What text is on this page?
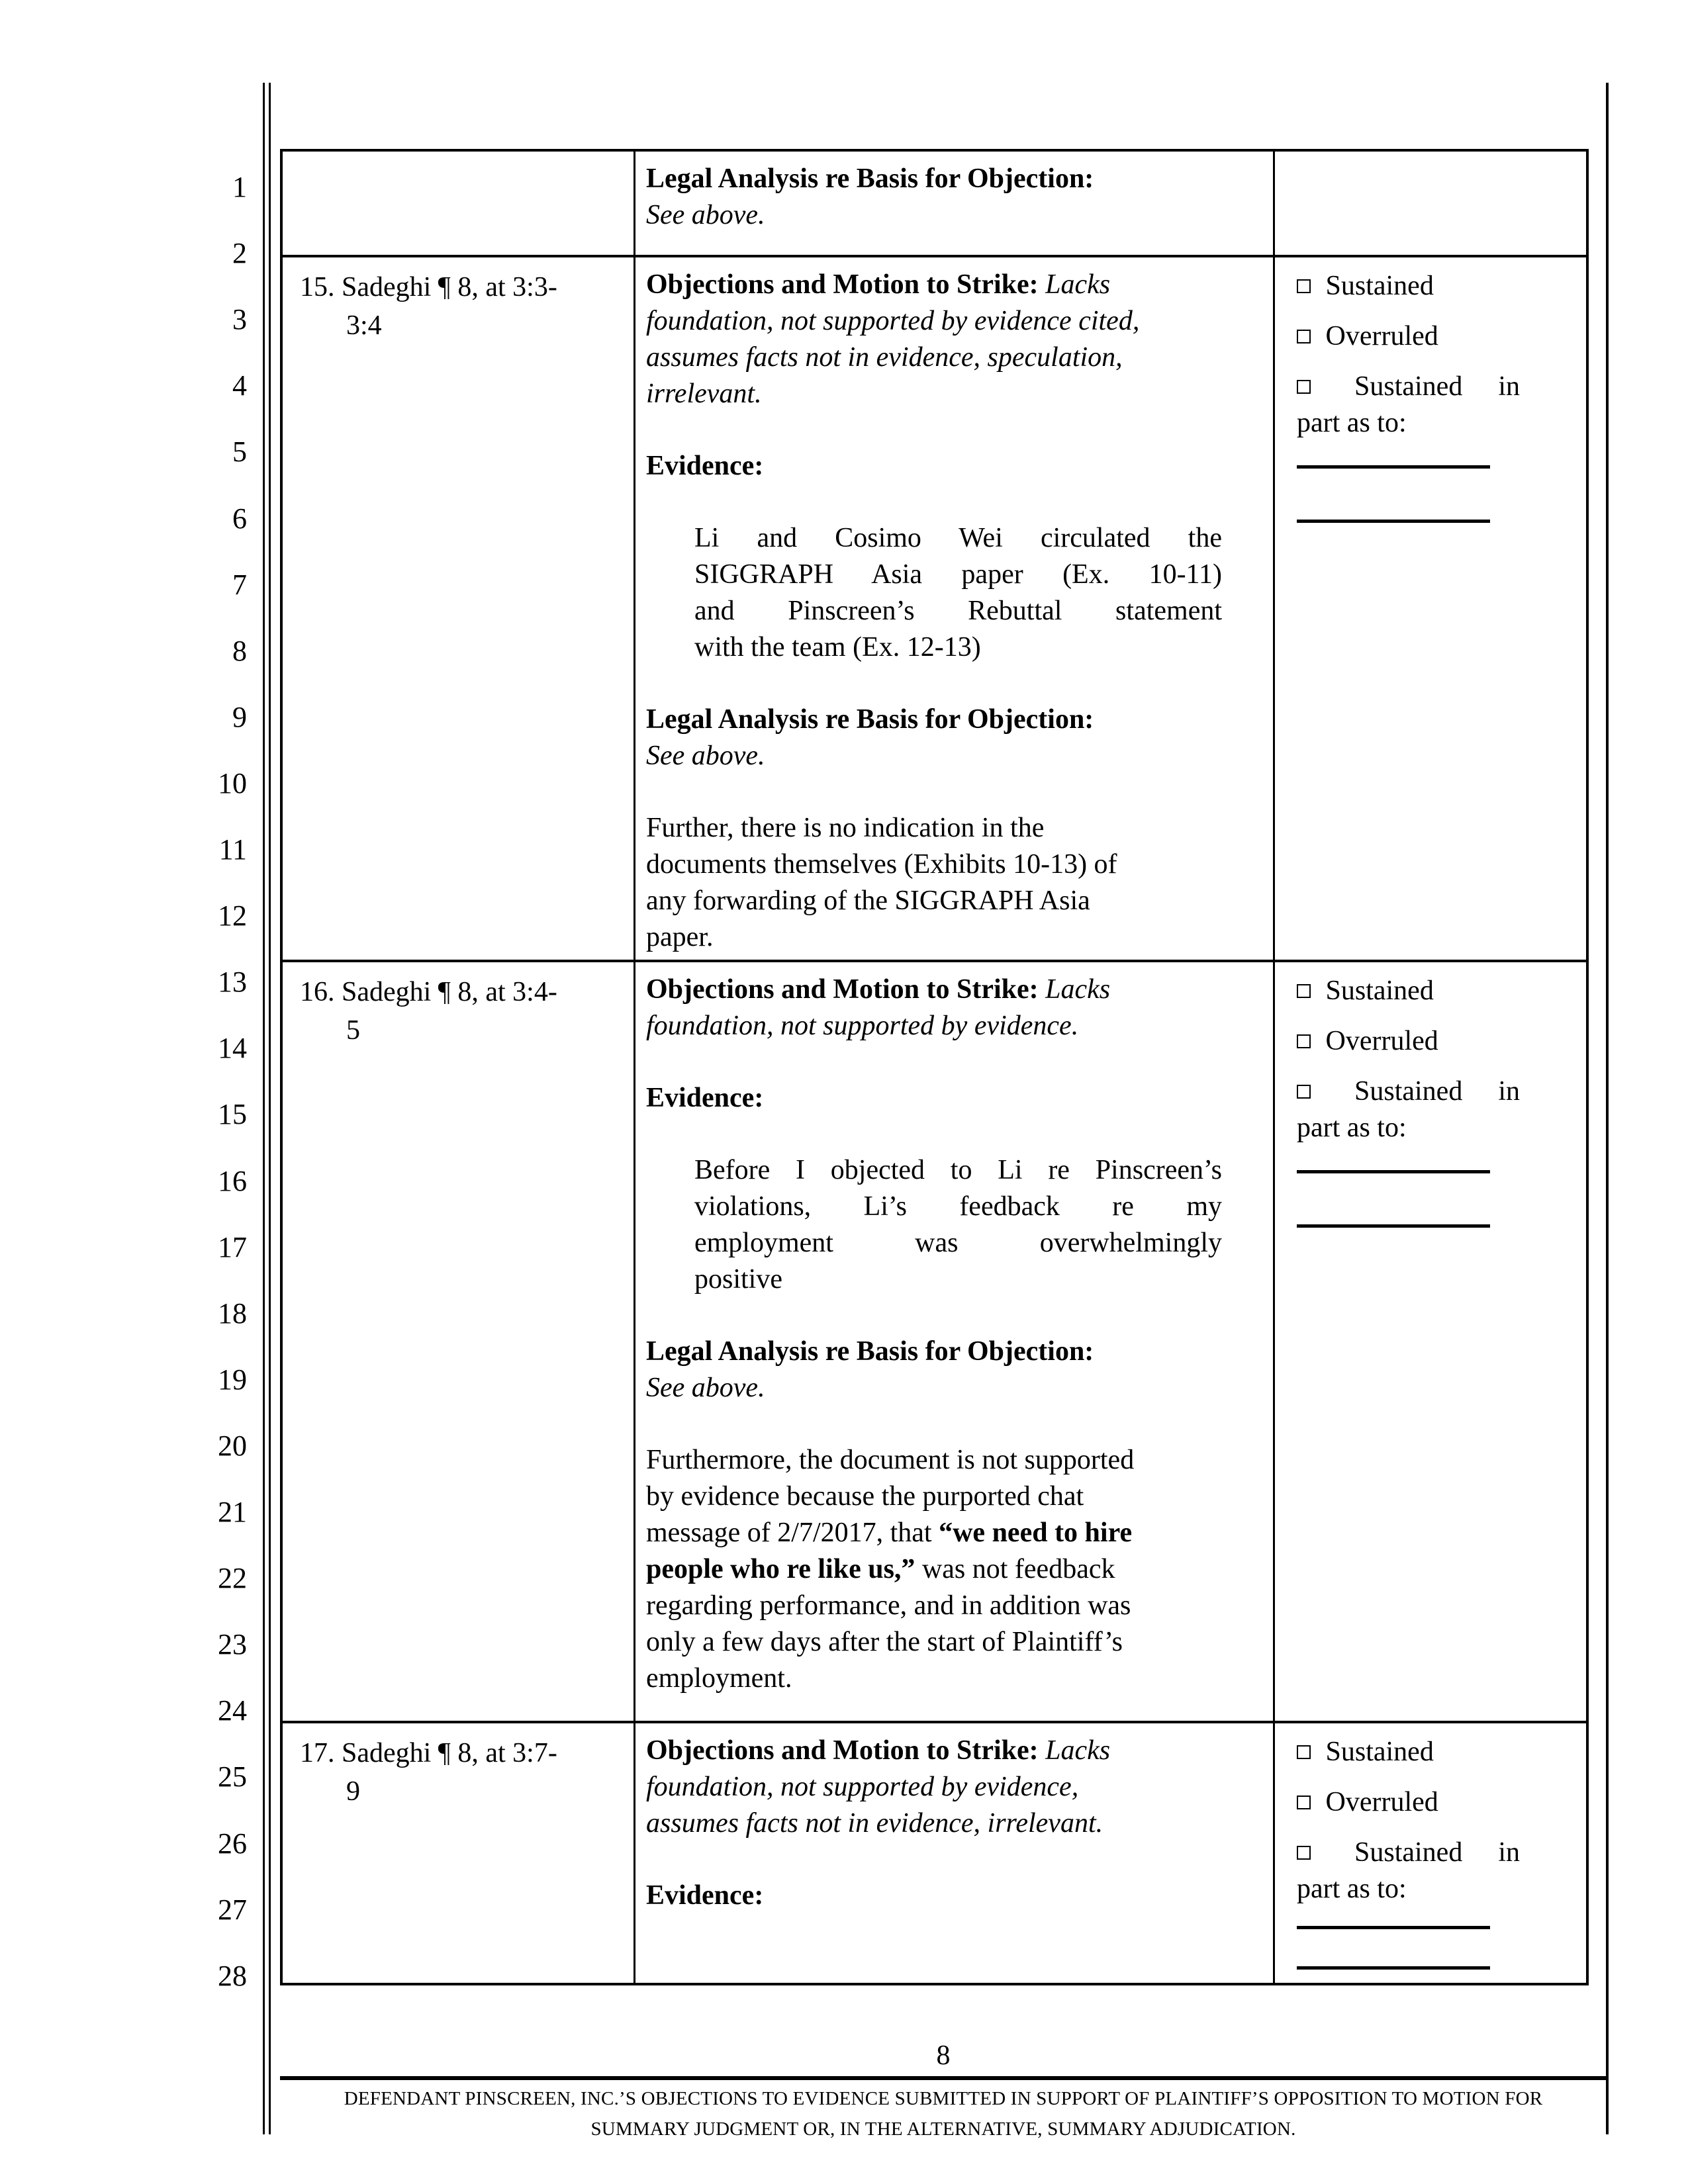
1
2
3
4
5
6
7
8
9
10
11
12
13
14
15
16
17
18
19
20
21
22
23
24
25
26
27
28
Legal Analysis re Basis for Objection:
See above.
15. Sadeghi ¶ 8, at 3:3-
3:4
Objections and Motion to Strike: Lacks
foundation, not supported by evidence cited,
assumes facts not in evidence, speculation,
irrelevant.
Evidence:
Li and Cosimo Wei circulated the
SIGGRAPH Asia paper (Ex. 10-11)
and Pinscreen’s Rebuttal statement
with the team (Ex. 12-13)
Legal Analysis re Basis for Objection:
See above.
Further, there is no indication in the
documents themselves (Exhibits 10-13) of
any forwarding of the SIGGRAPH Asia
paper.
Sustained
Overruled
Sustained in
part as to:
16. Sadeghi ¶ 8, at 3:4-
5
Objections and Motion to Strike: Lacks
foundation, not supported by evidence.
Evidence:
Before I objected to Li re Pinscreen’s
violations, Li’s feedback re my
employment was overwhelmingly
positive
Legal Analysis re Basis for Objection:
See above.
Furthermore, the document is not supported
by evidence because the purported chat
message of 2/7/2017, that “we need to hire
people who re like us,” was not feedback
regarding performance, and in addition was
only a few days after the start of Plaintiff’s
employment.
Sustained
Overruled
Sustained in
part as to:
17. Sadeghi ¶ 8, at 3:7-
9
Objections and Motion to Strike: Lacks
foundation, not supported by evidence,
assumes facts not in evidence, irrelevant.
Evidence:
Sustained
Overruled
Sustained in
part as to:
8
DEFENDANT PINSCREEN, INC.’S OBJECTIONS TO EVIDENCE SUBMITTED IN SUPPORT OF PLAINTIFF’S OPPOSITION TO MOTION FOR
SUMMARY JUDGMENT OR, IN THE ALTERNATIVE, SUMMARY ADJUDICATION.
